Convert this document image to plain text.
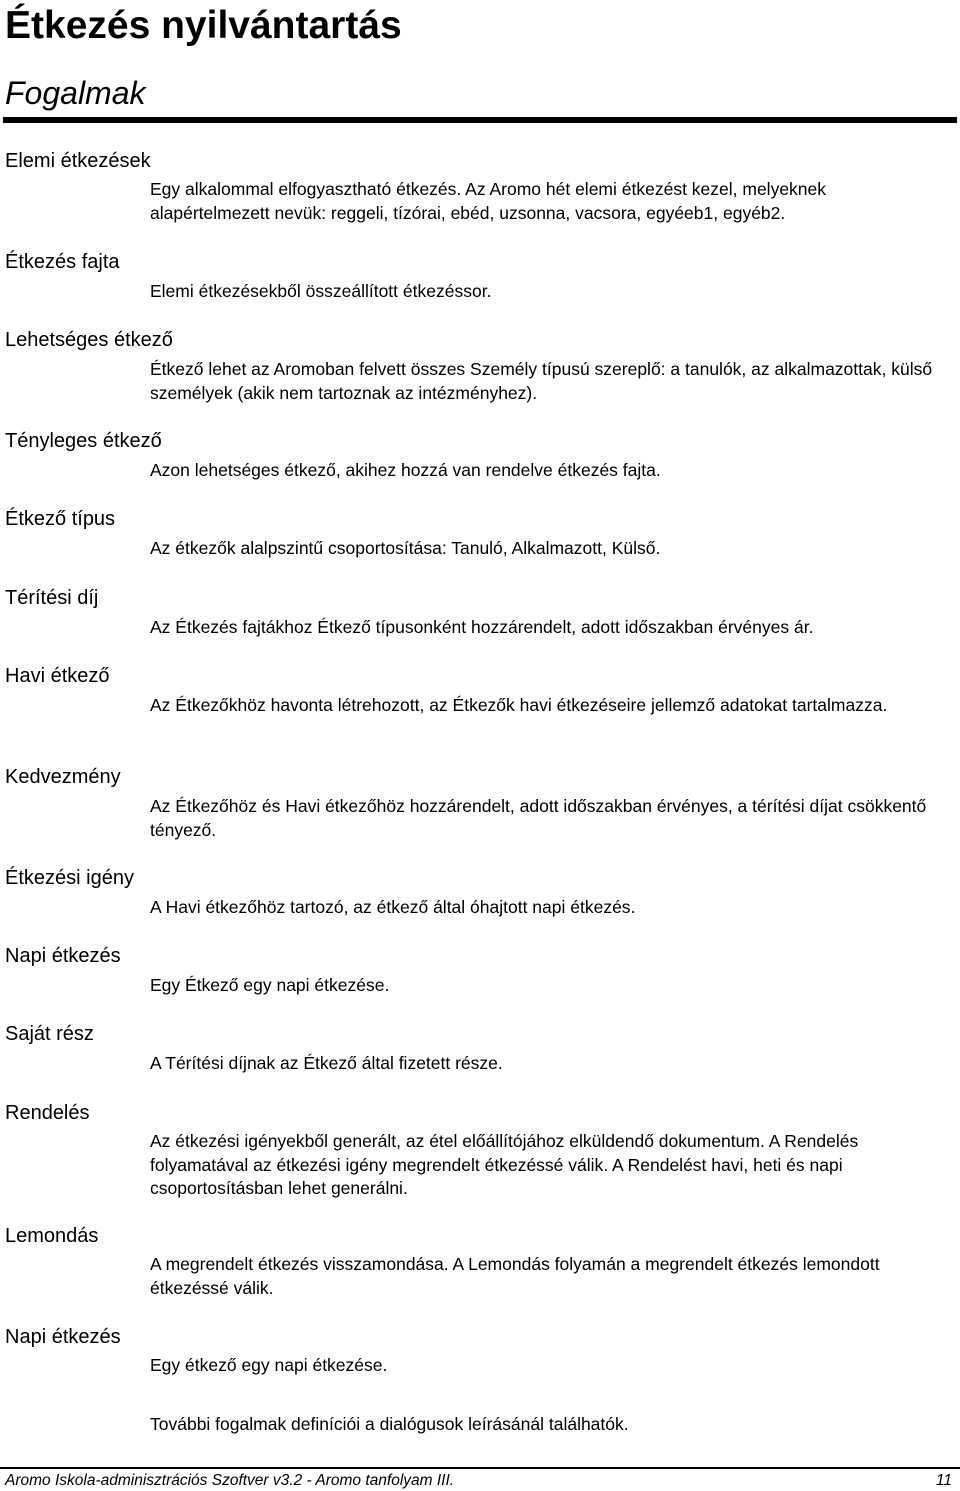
Étkezés nyilvántartás
Fogalmak
Elemi étkezések

Egy alkalommal elfogyasztható étkezés. Az Aromo hét elemi étkezést kezel, melyeknek alapértelmezett nevük: reggeli, tízórai, ebéd, uzsonna, vacsora, egyéeb1, egyéb2.

Étkezés fajta

Elemi étkezésekből összeállított étkezéssor.

Lehetséges étkező

Étkező lehet az Aromoban felvett összes Személy típusú szereplő: a tanulók, az alkalmazottak, külső személyek (akik nem tartoznak az intézményhez).

Tényleges étkező

Azon lehetséges étkező, akihez hozzá van rendelve étkezés fajta.

Étkező típus

Az étkezők alalpszintű csoportosítása: Tanuló, Alkalmazott, Külső.

Térítési díj

Az Étkezés fajtákhoz Étkező típusonként hozzárendelt, adott időszakban érvényes ár.

Havi étkező

Az Étkezőkhöz havonta létrehozott, az Étkezők havi étkezéseire jellemző adatokat tartalmazza.

Kedvezmény

Az Étkezőhöz és Havi étkezőhöz hozzárendelt, adott időszakban érvényes, a térítési díjat csökkentő tényező.

Étkezési igény

A Havi étkezőhöz tartozó, az étkező által óhajtott napi étkezés.

Napi étkezés

Egy Étkező egy napi étkezése.

Saját rész

A Térítési díjnak az Étkező által fizetett része.

Rendelés

Az étkezési igényekből generált, az étel előállítójához elküldendő dokumentum. A Rendelés folyamatával az étkezési igény megrendelt étkezéssé válik. A Rendelést havi, heti és napi csoportosításban lehet generálni.

Lemondás

A megrendelt étkezés visszamondása. A Lemondás folyamán a megrendelt étkezés lemondott étkezéssé válik.

Napi étkezés

Egy étkező egy napi étkezése.

További fogalmak definíciói a dialógusok leírásánál találhatók.

Aromo Iskola-adminisztrációs Szoftver v3.2 - Aromo tanfolyam III.	11
